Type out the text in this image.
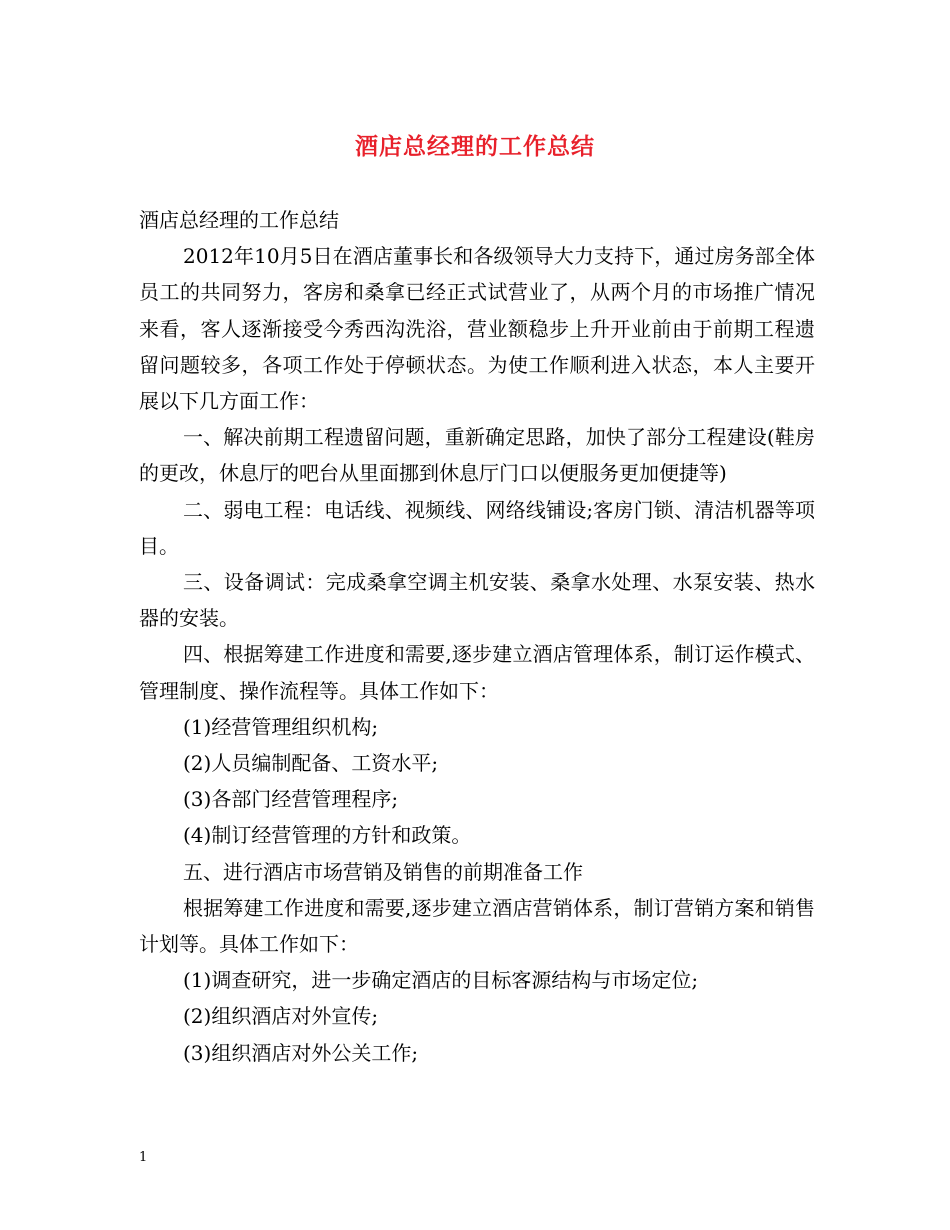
酒店总经理的工作总结

酒店总经理的工作总结

2012年10月5日在酒店董事长和各级领导大力支持下，通过房务部全体员工的共同努力，客房和桑拿已经正式试营业了，从两个月的市场推广情况来看，客人逐渐接受今秀西沟洗浴，营业额稳步上升开业前由于前期工程遗留问题较多，各项工作处于停顿状态。为使工作顺利进入状态，本人主要开展以下几方面工作：

一、解决前期工程遗留问题，重新确定思路，加快了部分工程建设(鞋房的更改，休息厅的吧台从里面挪到休息厅门口以便服务更加便捷等)

二、弱电工程：电话线、视频线、网络线铺设;客房门锁、清洁机器等项目。

三、设备调试：完成桑拿空调主机安装、桑拿水处理、水泵安装、热水器的安装。

四、根据筹建工作进度和需要,逐步建立酒店管理体系，制订运作模式、管理制度、操作流程等。具体工作如下：

(1)经营管理组织机构;

(2)人员编制配备、工资水平;

(3)各部门经营管理程序;

(4)制订经营管理的方针和政策。

五、进行酒店市场营销及销售的前期准备工作

根据筹建工作进度和需要,逐步建立酒店营销体系，制订营销方案和销售计划等。具体工作如下：

(1)调查研究，进一步确定酒店的目标客源结构与市场定位;

(2)组织酒店对外宣传;

(3)组织酒店对外公关工作;

1
